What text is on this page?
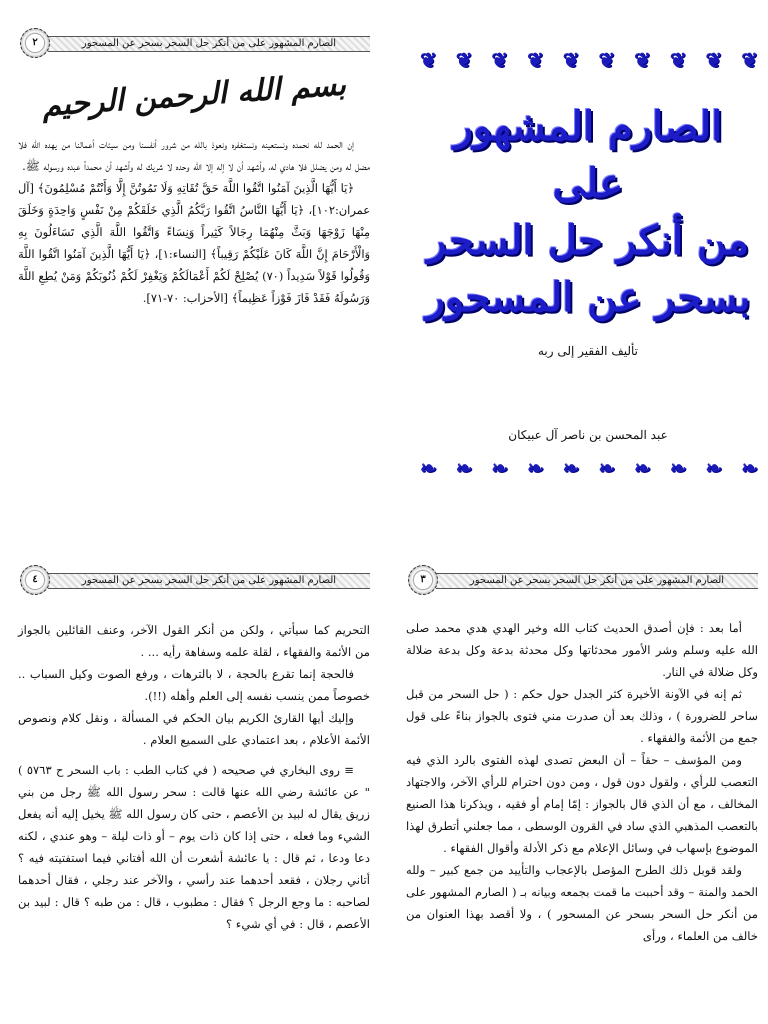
الصارم المشهور على من أنكر حل السحر بسحر عن المسحور
٢
بسم الله الرحمن الرحيم

إن الحمد لله نحمده ونستعينه ونستغفره ونعوذ بالله من شرور أنفسنا ومن سيئات أعمالنا من يهده الله فلا مضل له ومن يضلل فلا هادي له، وأشهد أن لا إله إلا الله وحده لا شريك له وأشهد أن محمداً عبده ورسوله ﷺ.

﴿يَا أَيُّهَا الَّذِينَ آمَنُوا اتَّقُوا اللَّهَ حَقَّ تُقَاتِهِ وَلَا تَمُوتُنَّ إِلَّا وَأَنْتُمْ مُسْلِمُونَ﴾ [آل عمران:١٠٢]، ﴿يَا أَيُّهَا النَّاسُ اتَّقُوا رَبَّكُمُ الَّذِي خَلَقَكُمْ مِنْ نَفْسٍ وَاحِدَةٍ وَخَلَقَ مِنْهَا زَوْجَهَا وَبَثَّ مِنْهُمَا رِجَالاً كَثِيراً وَنِسَاءً وَاتَّقُوا اللَّهَ الَّذِي تَسَاءَلُونَ بِهِ وَالْأَرْحَامَ إِنَّ اللَّهَ كَانَ عَلَيْكُمْ رَقِيباً﴾ [النساء:١]، ﴿يَا أَيُّهَا الَّذِينَ آمَنُوا اتَّقُوا اللَّهَ وَقُولُوا قَوْلاً سَدِيداً (٧٠) يُصْلِحْ لَكُمْ أَعْمَالَكُمْ وَيَغْفِرْ لَكُمْ ذُنُوبَكُمْ وَمَنْ يُطِعِ اللَّهَ وَرَسُولَهُ فَقَدْ فَازَ فَوْزاً عَظِيماً﴾ [الأحزاب: ٧٠-٧١].

❦
❦
❦
❦
❦
❦
❦
❦
❦
❦
الصارم المشهور
على
من أنكر حل السحر
بسحر عن المسحور
تأليف الفقير إلى ربه
عبد المحسن بن ناصر آل عبيكان
❧
❧
❧
❧
❧
❧
❧
❧
❧
❧
الصارم المشهور على من أنكر حل السحر بسحر عن المسحور
٤

التحريم كما سيأتي ، ولكن من أنكر القول الآخر، وعنف القائلين بالجواز من الأئمة والفقهاء ، لقلة علمه وسفاهة رأيه ... .

فالحجة إنما تقرع بالحجة ، لا بالترهات ، ورفع الصوت وكيل السباب .. خصوصاً ممن ينسب نفسه إلى العلم وأهله (!!).

وإليك أيها القارئ الكريم بيان الحكم في المسألة ، ونقل كلام ونصوص الأئمة الأعلام ، بعد اعتمادي على السميع العلام .

≡ روى البخاري في صحيحه ( في كتاب الطب : باب السحر ح ٥٧٦٣ ) " عن عائشة رضي الله عنها قالت : سحر رسول الله ﷺ رجل من بني زريق يقال له لبيد بن الأعصم ، حتى كان رسول الله ﷺ يخيل إليه أنه يفعل الشيء وما فعله ، حتى إذا كان ذات يوم – أو ذات ليلة – وهو عندي ، لكنه دعا ودعا ، ثم قال : يا عائشة أشعرت أن الله أفتاني فيما استفتيته فيه ؟ أتاني رجلان ، فقعد أحدهما عند رأسي ، والآخر عند رجلي ، فقال أحدهما لصاحبه : ما وجع الرجل ؟ فقال : مطبوب ، قال : من طبه ؟ قال : لبيد بن الأعصم ، قال : في أي شيء ؟

الصارم المشهور على من أنكر حل السحر بسحر عن المسحور
٣

أما بعد : فإن أصدق الحديث كتاب الله وخير الهدي هدي محمد صلى الله عليه وسلم وشر الأمور محدثاتها وكل محدثة بدعة وكل بدعة ضلالة وكل ضلالة في النار.

ثم إنه في الآونة الأخيرة كثر الجدل حول حكم : ( حل السحر من قبل ساحر للضرورة ) ، وذلك بعد أن صدرت مني فتوى بالجواز بناءً على قول جمع من الأئمة والفقهاء .

ومن المؤسف – حقاً – أن البعض تصدى لهذه الفتوى بالرد الذي فيه التعصب للرأي ، ولقول دون قول ، ومن دون احترام للرأي الآخر، والاجتهاد المخالف ، مع أن الذي قال بالجواز : إمّا إمام أو فقيه ، ويذكرنا هذا الصنيع بالتعصب المذهبي الذي ساد في القرون الوسطى ، مما جعلني أتطرق لهذا الموضوع بإسهاب في وسائل الإعلام مع ذكر الأدلة وأقوال الفقهاء .

ولقد قوبل ذلك الطرح المؤصل بالإعجاب والتأييد من جمع كبير – ولله الحمد والمنة – وقد أحببت ما قمت بجمعه وبيانه بـ ( الصارم المشهور على من أنكر حل السحر بسحر عن المسحور ) ، ولا أقصد بهذا العنوان من خالف من العلماء ، ورأى
